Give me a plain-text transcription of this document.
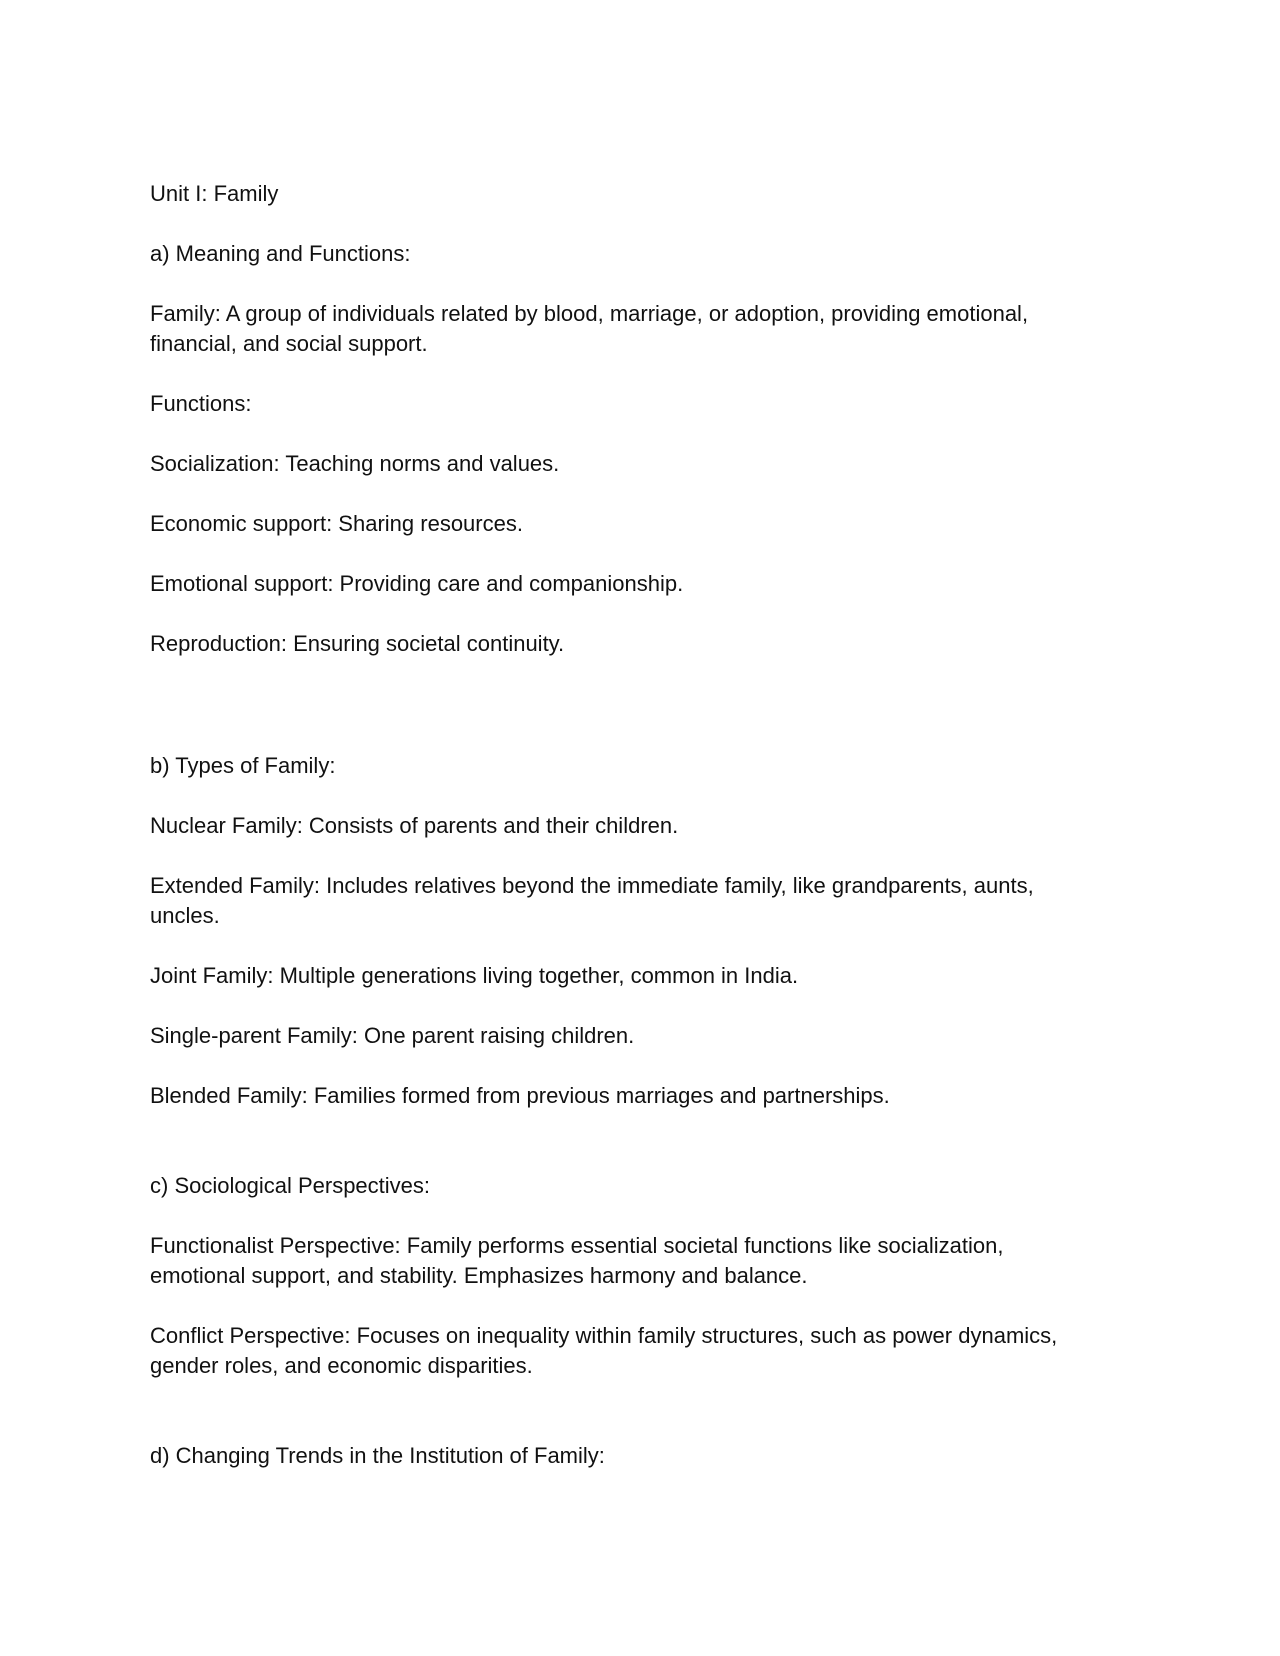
Unit I: Family

a) Meaning and Functions:

Family: A group of individuals related by blood, marriage, or adoption, providing emotional,

financial, and social support.

Functions:

Socialization: Teaching norms and values.

Economic support: Sharing resources.

Emotional support: Providing care and companionship.

Reproduction: Ensuring societal continuity.

b) Types of Family:

Nuclear Family: Consists of parents and their children.

Extended Family: Includes relatives beyond the immediate family, like grandparents, aunts,

uncles.

Joint Family: Multiple generations living together, common in India.

Single-parent Family: One parent raising children.

Blended Family: Families formed from previous marriages and partnerships.

c) Sociological Perspectives:

Functionalist Perspective: Family performs essential societal functions like socialization,

emotional support, and stability. Emphasizes harmony and balance.

Conflict Perspective: Focuses on inequality within family structures, such as power dynamics,

gender roles, and economic disparities.

d) Changing Trends in the Institution of Family:
